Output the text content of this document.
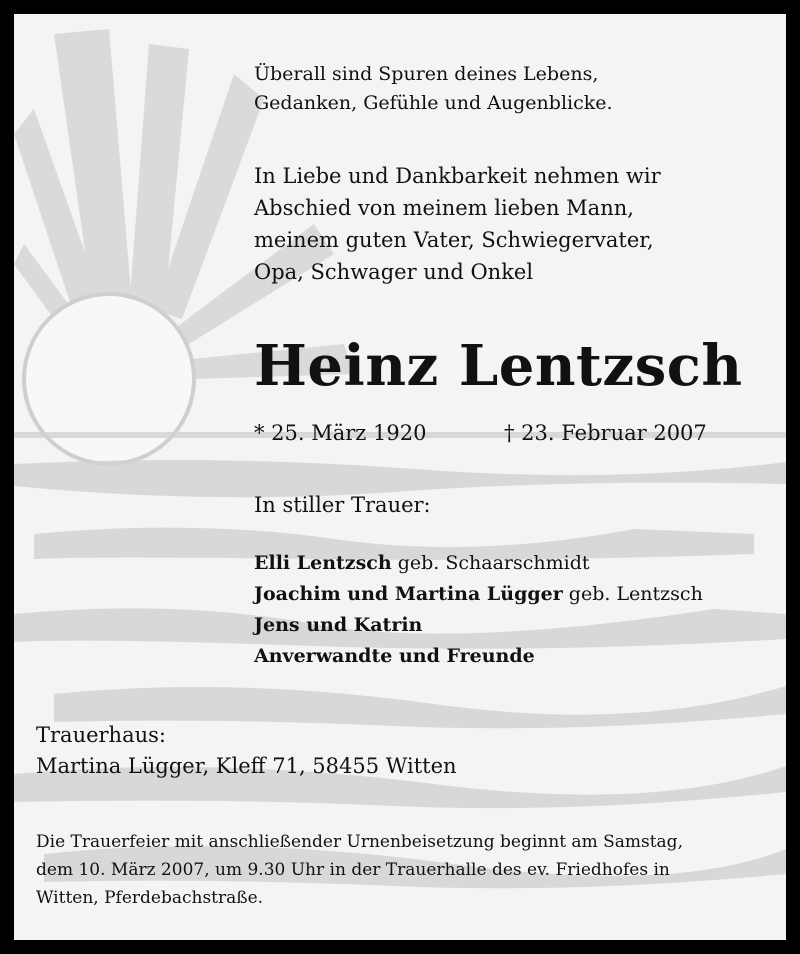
Überall sind Spuren deines Lebens,
Gedanken, Gefühle und Augenblicke.
In Liebe und Dankbarkeit nehmen wir
Abschied von meinem lieben Mann,
meinem guten Vater, Schwiegervater,
Opa, Schwager und Onkel
Heinz Lentzsch
* 25. März 1920	† 23. Februar 2007
In stiller Trauer:
Elli Lentzsch geb. Schaarschmidt
Joachim und Martina Lügger geb. Lentzsch
Jens und Katrin
Anverwandte und Freunde
Trauerhaus:
Martina Lügger, Kleff 71, 58455 Witten
Die Trauerfeier mit anschließender Urnenbeisetzung beginnt am Samstag,
dem 10. März 2007, um 9.30 Uhr in der Trauerhalle des ev. Friedhofes in
Witten, Pferdebachstraße.
